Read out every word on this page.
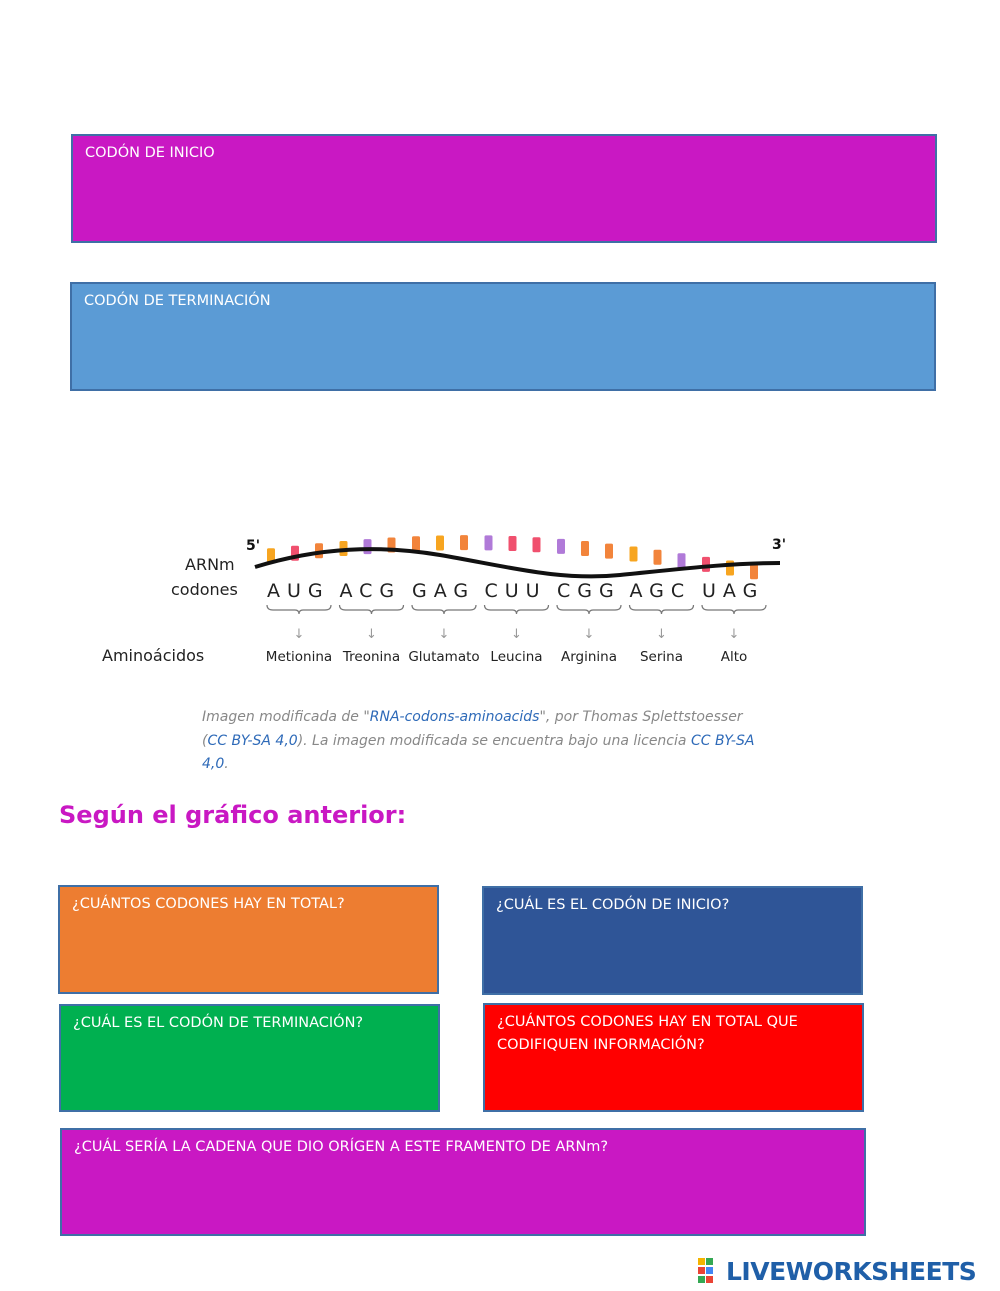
CODÓN DE INICIO
CODÓN DE TERMINACIÓN
5'	3'
ARNm
codones
Aminoácidos
AUG
↓
Metionina
ACG
↓
Treonina
GAG
↓
Glutamato
CUU
↓
Leucina
CGG
↓
Arginina
AGC
↓
Serina
UAG
↓
Alto
Imagen modificada de "RNA-codons-aminoacids", por Thomas Splettstoesser (CC BY-SA 4,0). La imagen modificada se encuentra bajo una licencia CC BY-SA 4,0.
Según el gráfico anterior:
¿CUÁNTOS CODONES HAY EN TOTAL?	¿CUÁL ES EL CODÓN DE INICIO?
¿CUÁL ES EL CODÓN DE TERMINACIÓN?	¿CUÁNTOS CODONES HAY EN TOTAL QUE
CODIFIQUEN INFORMACIÓN?
¿CUÁL SERÍA LA CADENA QUE DIO ORÍGEN A ESTE FRAMENTO DE ARNm?
LIVEWORKSHEETS
